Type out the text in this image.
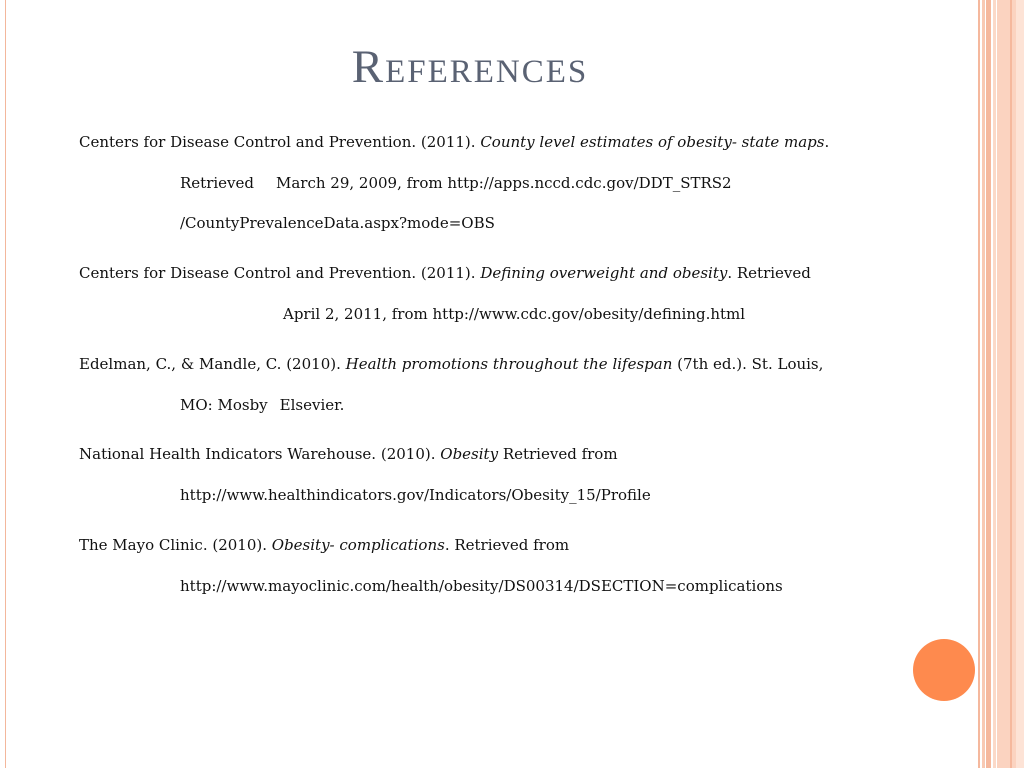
References
Centers for Disease Control and Prevention. (2011). County level estimates of obesity- state maps.
Retrieved March 29, 2009, from http://apps.nccd.cdc.gov/DDT_STRS2
/CountyPrevalenceData.aspx?mode=OBS
Centers for Disease Control and Prevention. (2011). Defining overweight and obesity. Retrieved
April 2, 2011, from http://www.cdc.gov/obesity/defining.html
Edelman, C., & Mandle, C. (2010). Health promotions throughout the lifespan (7th ed.). St. Louis,
MO: Mosby Elsevier.
National Health Indicators Warehouse. (2010). Obesity Retrieved from
http://www.healthindicators.gov/Indicators/Obesity_15/Profile
The Mayo Clinic. (2010). Obesity- complications. Retrieved from
http://www.mayoclinic.com/health/obesity/DS00314/DSECTION=complications
